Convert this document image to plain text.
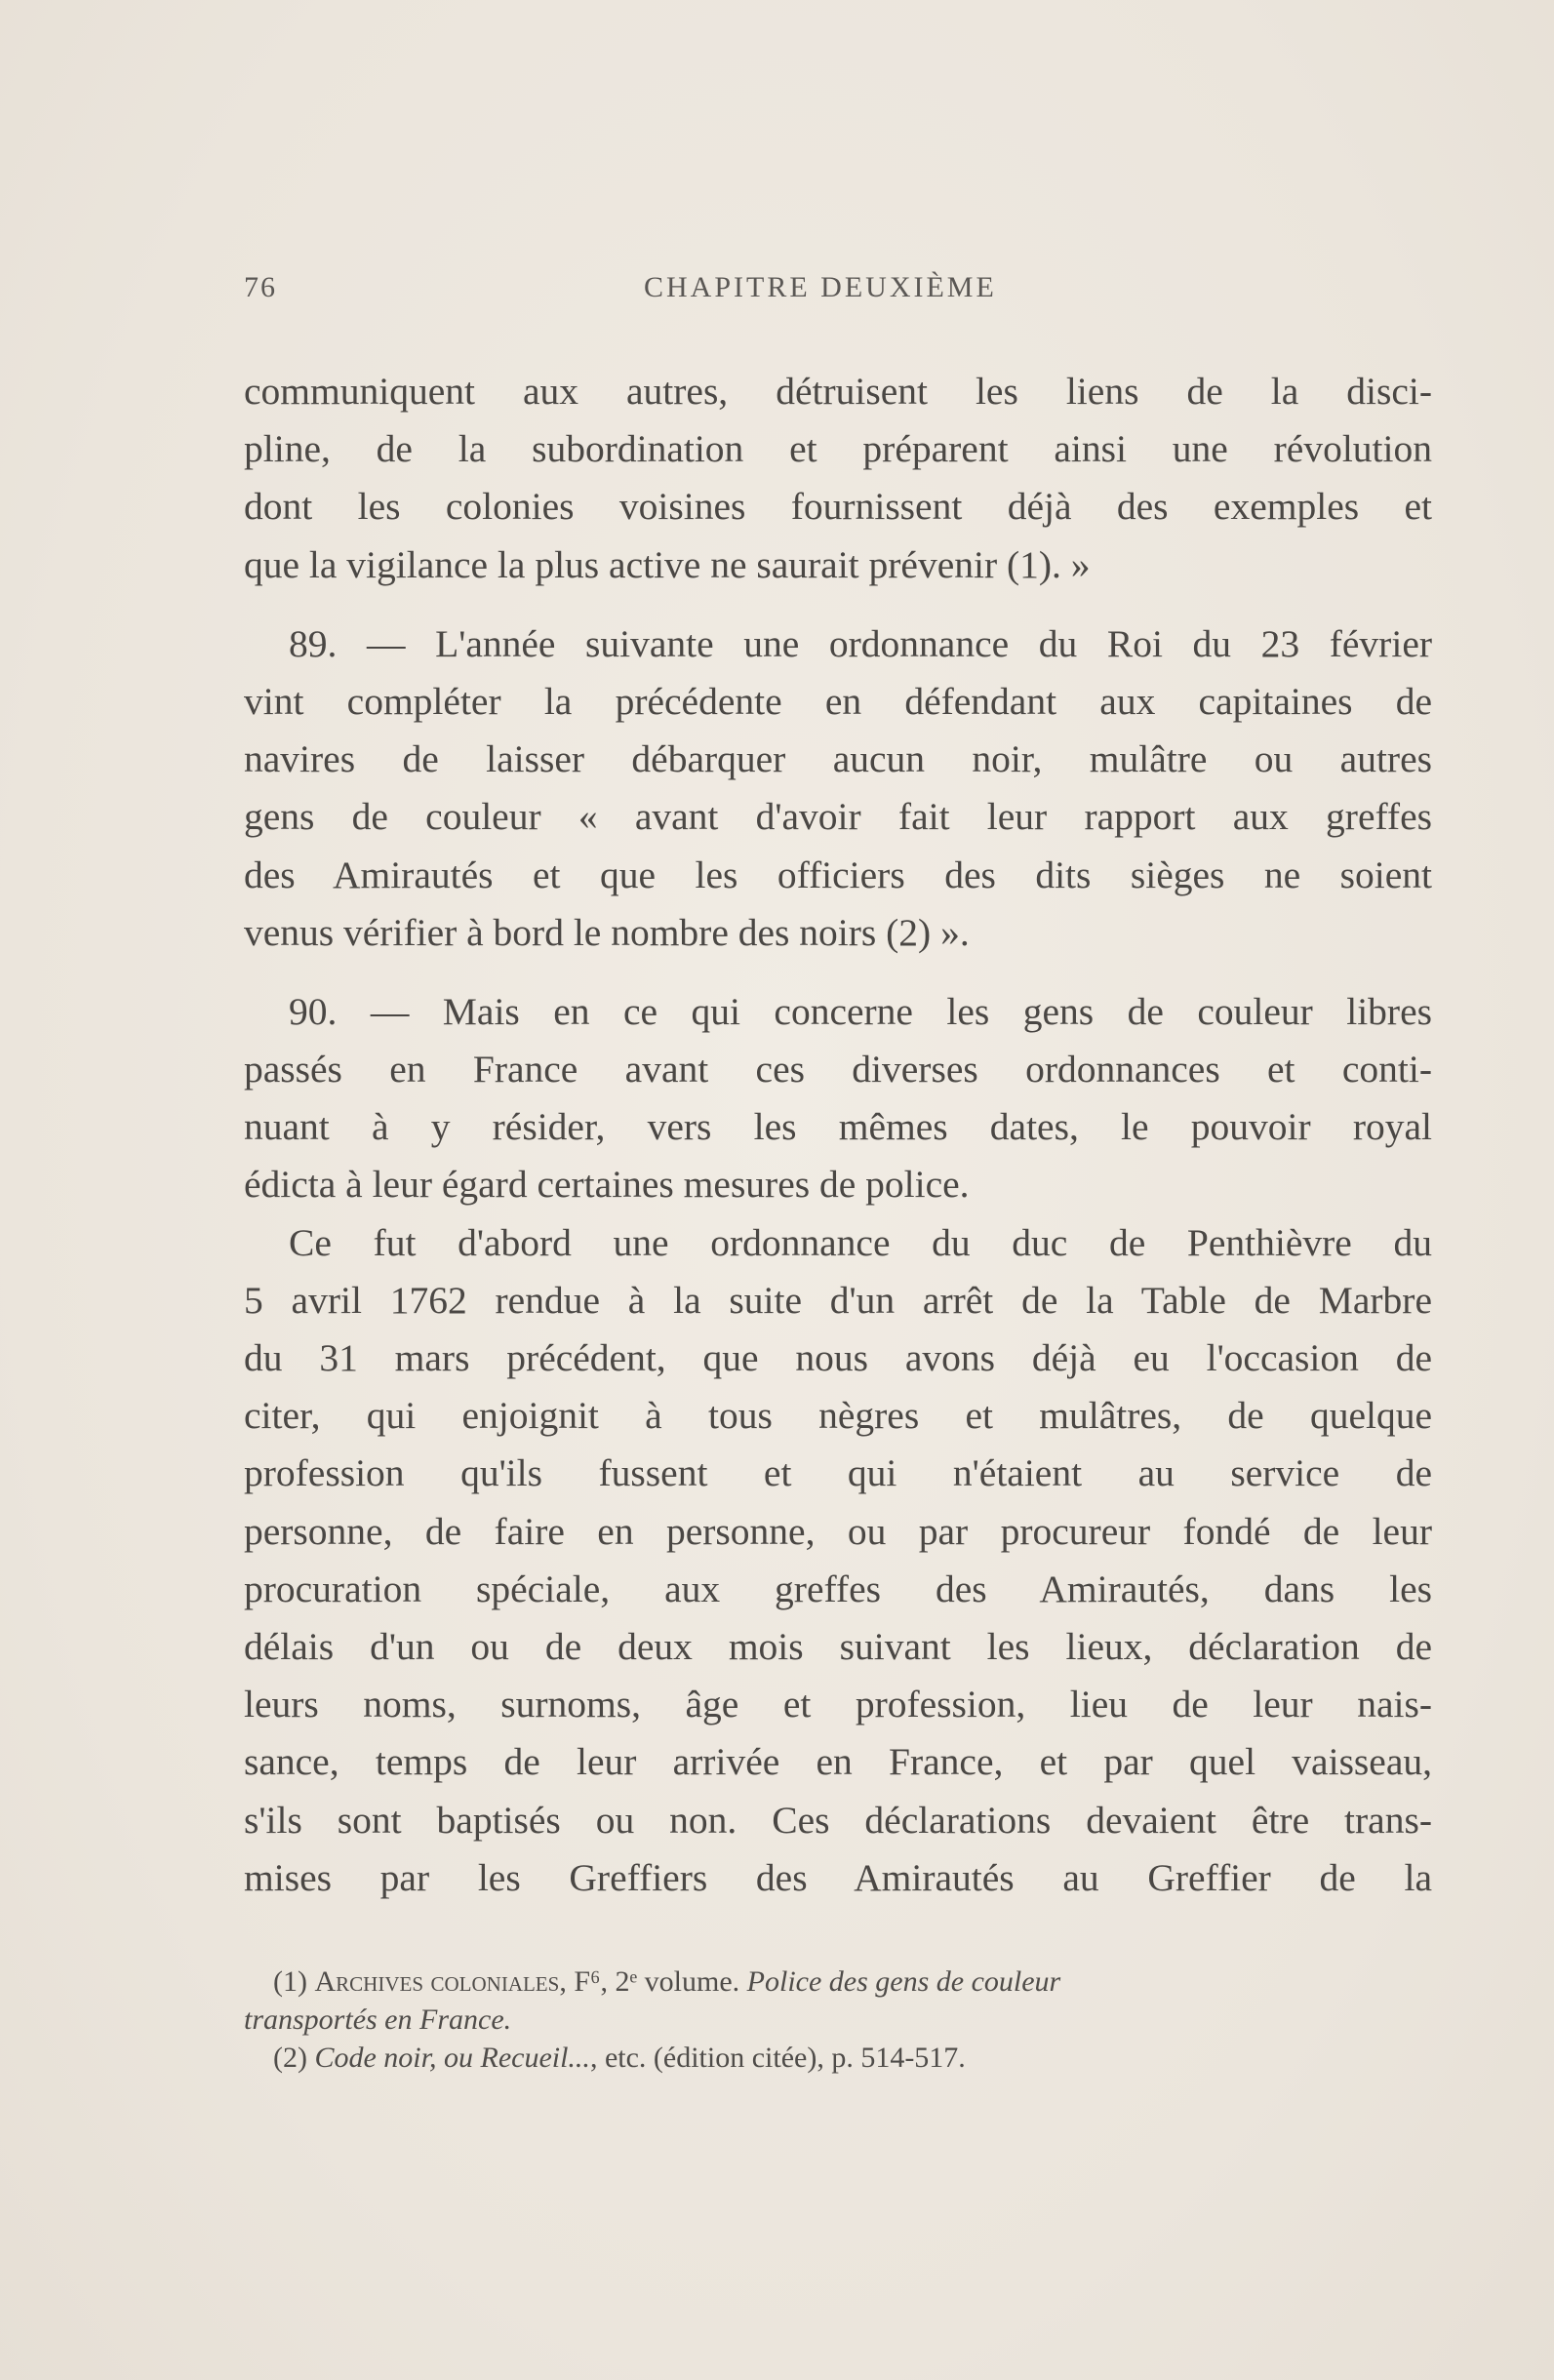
76	CHAPITRE DEUXIÈME
communiquent aux autres, détruisent les liens de la disci-
pline, de la subordination et préparent ainsi une révolution
dont les colonies voisines fournissent déjà des exemples et
que la vigilance la plus active ne saurait prévenir (1). »
89. — L'année suivante une ordonnance du Roi du 23 février
vint compléter la précédente en défendant aux capitaines de
navires de laisser débarquer aucun noir, mulâtre ou autres
gens de couleur « avant d'avoir fait leur rapport aux greffes
des Amirautés et que les officiers des dits sièges ne soient
venus vérifier à bord le nombre des noirs (2) ».
90. — Mais en ce qui concerne les gens de couleur libres
passés en France avant ces diverses ordonnances et conti-
nuant à y résider, vers les mêmes dates, le pouvoir royal
édicta à leur égard certaines mesures de police.
Ce fut d'abord une ordonnance du duc de Penthièvre du
5 avril 1762 rendue à la suite d'un arrêt de la Table de Marbre
du 31 mars précédent, que nous avons déjà eu l'occasion de
citer, qui enjoignit à tous nègres et mulâtres, de quelque
profession qu'ils fussent et qui n'étaient au service de
personne, de faire en personne, ou par procureur fondé de leur
procuration spéciale, aux greffes des Amirautés, dans les
délais d'un ou de deux mois suivant les lieux, déclaration de
leurs noms, surnoms, âge et profession, lieu de leur nais-
sance, temps de leur arrivée en France, et par quel vaisseau,
s'ils sont baptisés ou non. Ces déclarations devaient être trans-
mises par les Greffiers des Amirautés au Greffier de la
(1) Archives coloniales, F⁶, 2ᵉ volume. Police des gens de couleur
transportés en France.
(2) Code noir, ou Recueil..., etc. (édition citée), p. 514-517.
